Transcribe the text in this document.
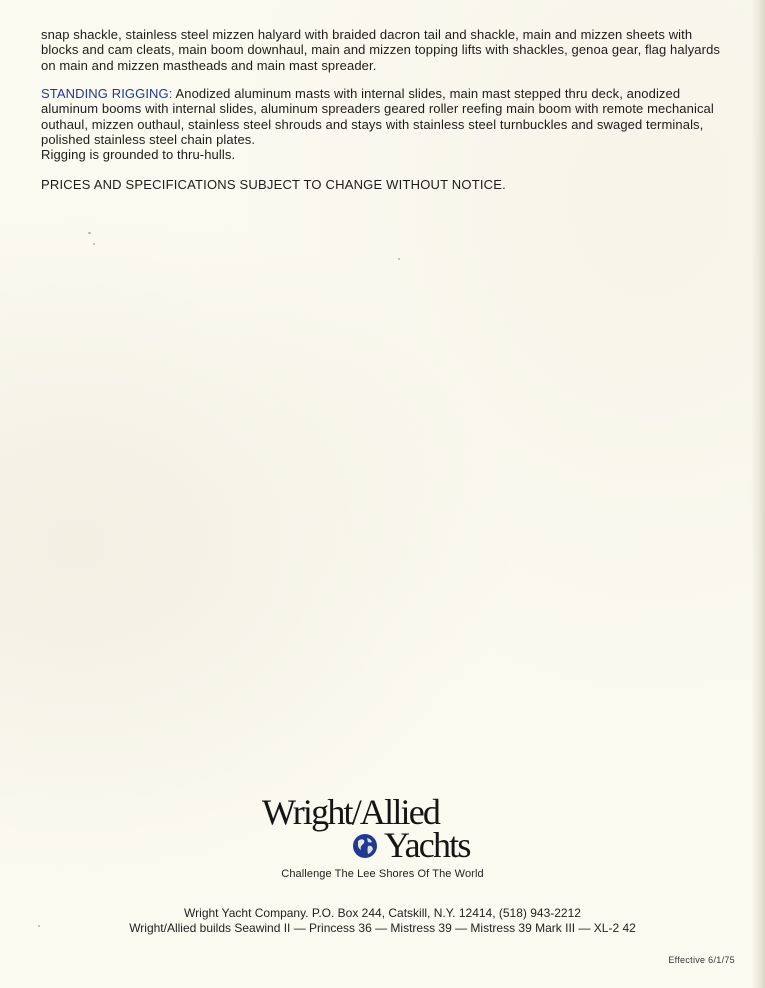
snap shackle, stainless steel mizzen halyard with braided dacron tail and shackle, main and mizzen sheets with blocks and cam cleats, main boom downhaul, main and mizzen topping lifts with shackles, genoa gear, flag halyards on main and mizzen mastheads and main mast spreader.
STANDING RIGGING: Anodized aluminum masts with internal slides, main mast stepped thru deck, anodized aluminum booms with internal slides, aluminum spreaders geared roller reefing main boom with remote mechanical outhaul, mizzen outhaul, stainless steel shrouds and stays with stainless steel turnbuckles and swaged terminals, polished stainless steel chain plates.
Rigging is grounded to thru-hulls.
PRICES AND SPECIFICATIONS SUBJECT TO CHANGE WITHOUT NOTICE.
Wright/Allied
Yachts
Challenge The Lee Shores Of The World
Wright Yacht Company. P.O. Box 244, Catskill, N.Y. 12414, (518) 943-2212
Wright/Allied builds Seawind II — Princess 36 — Mistress 39 — Mistress 39 Mark III — XL-2 42
Effective 6/1/75
